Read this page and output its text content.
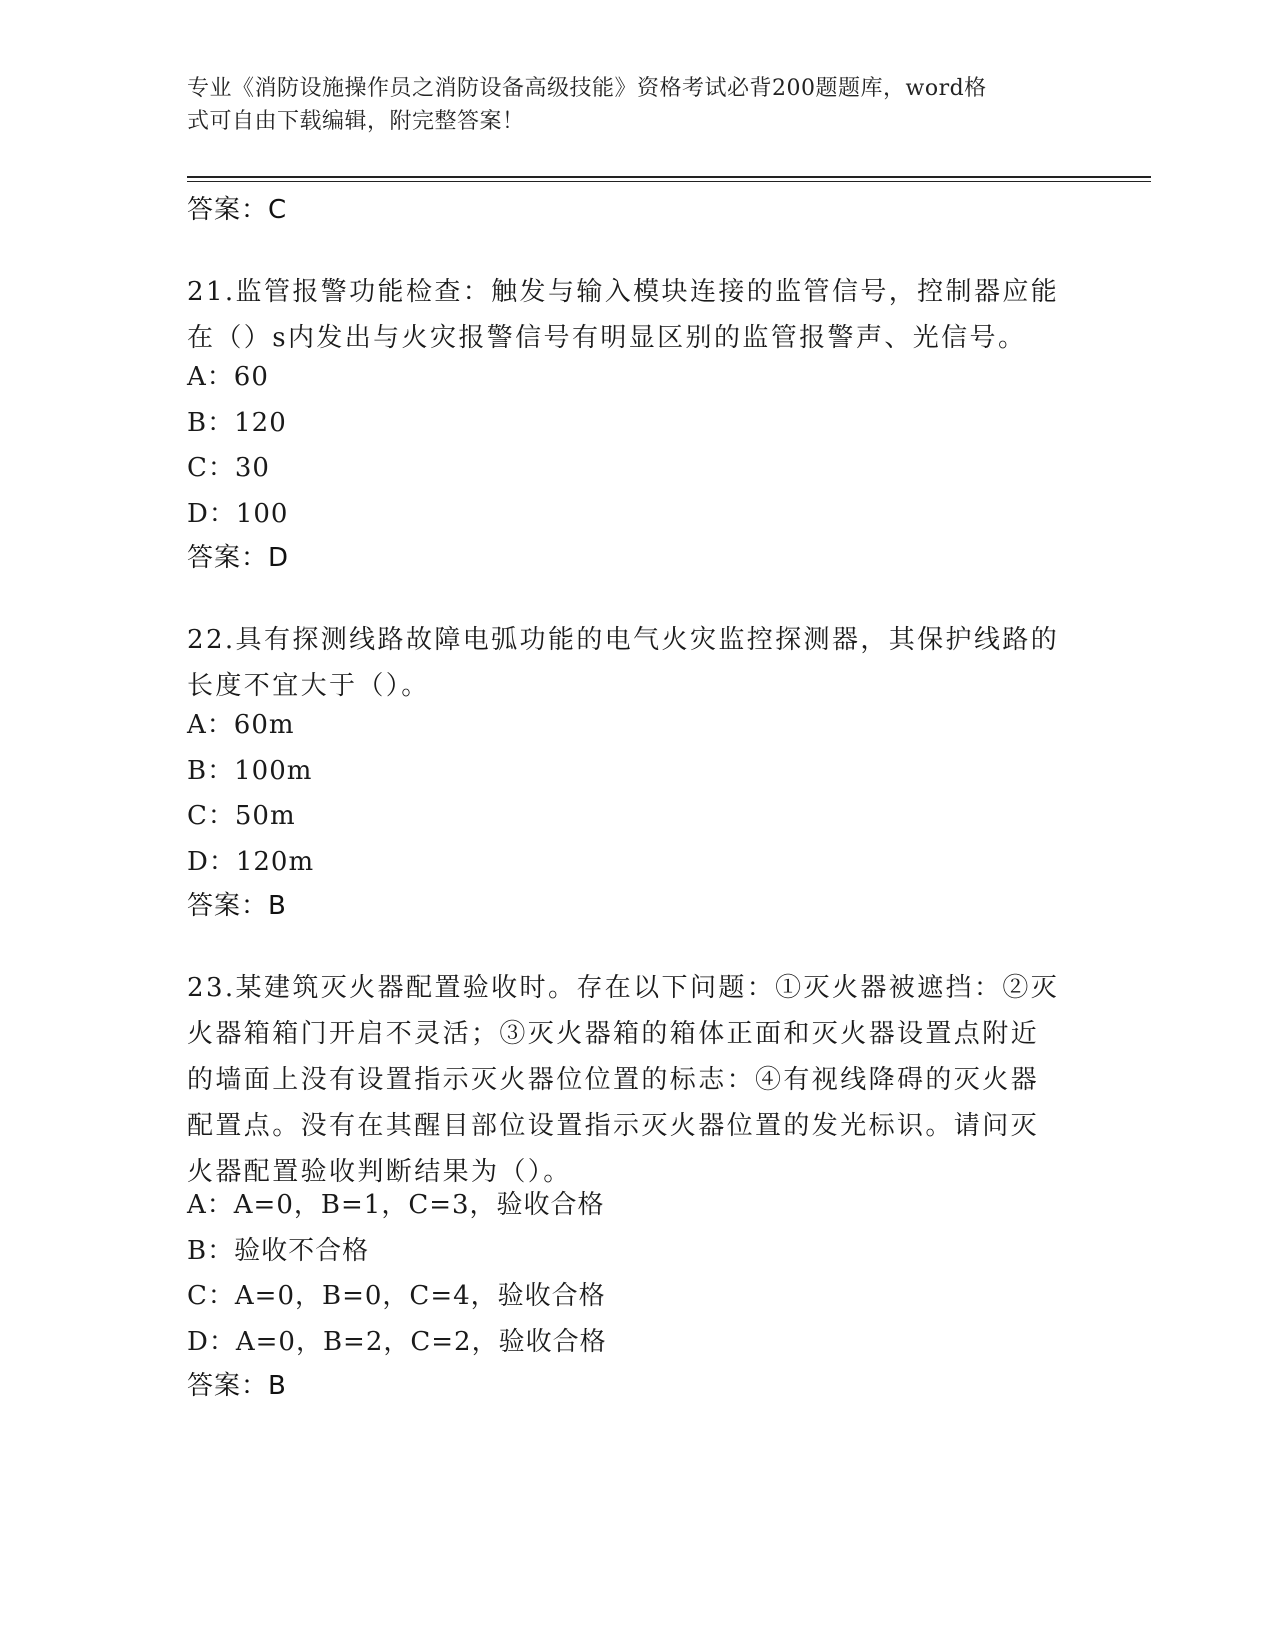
专业《消防设施操作员之消防设备高级技能》资格考试必背200题题库，word格
式可自由下载编辑，附完整答案！
答案：C
21.监管报警功能检查：触发与输入模块连接的监管信号，控制器应能
在（）s内发出与火灾报警信号有明显区别的监管报警声、光信号。
A：60
B：120
C：30
D：100
答案：D
22.具有探测线路故障电弧功能的电气火灾监控探测器，其保护线路的
长度不宜大于（）。
A：60m
B：100m
C：50m
D：120m
答案：B
23.某建筑灭火器配置验收时。存在以下问题：①灭火器被遮挡：②灭
火器箱箱门开启不灵活；③灭火器箱的箱体正面和灭火器设置点附近
的墙面上没有设置指示灭火器位位置的标志：④有视线降碍的灭火器
配置点。没有在其醒目部位设置指示灭火器位置的发光标识。请问灭
火器配置验收判断结果为（）。
A：A=0，B=1，C=3，验收合格
B：验收不合格
C：A=0，B=0，C=4，验收合格
D：A=0，B=2，C=2，验收合格
答案：B
